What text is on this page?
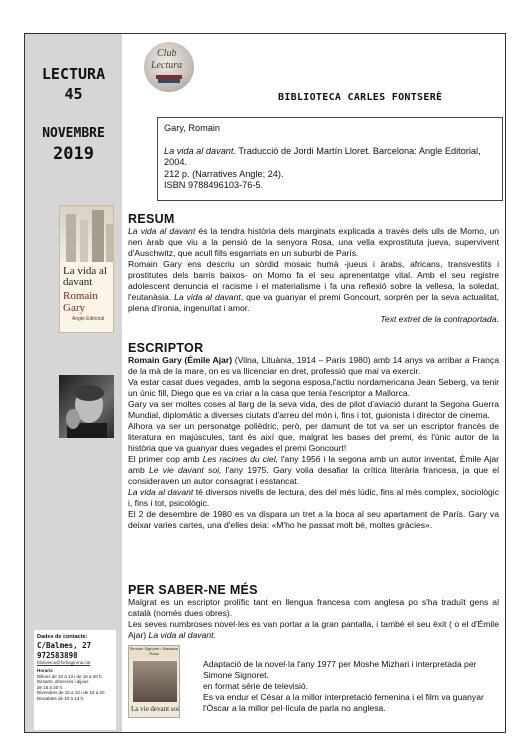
LECTURA
45
NOVEMBRE
2019
La vida al
davant
Romain Gary
Angle Editorial
Dades de contacte:
C/Balmes, 27
972583898
biblioteca@fortiagirona.cat
Horaris
Dilluns de 10 a 13 i de 16 a 20 h.
Dimarts, dimecres i dijous
de 16 a 20 h.
Divendres de 10 a 13 i de 16 a 20
Dissabtes de 10 a 13 h.
Club
Lectura
BIBLIOTECA CARLES FONTSERÈ
Gary, Romain
La vida al davant. Traducció de Jordi Martín Lloret. Barcelona: Angle Editorial, 2004.
212 p. (Narratives Angle; 24).
ISBN 9788496103-76-5.
RESUM

La vida al davant és la tendra història dels marginats explicada a través dels ulls de Momo, un nen àrab que viu a la pensió de la senyora Rosa, una vella exprostituta jueva, supervivent d'Auschwitz, que acull fills esgarriats en un suburbi de París.

Romain Gary ens descriu un sòrdid mosaic humà -jueus i àrabs, africans, transvestits i prostitutes dels barris baixos- on Momo fa el seu aprenentatge vital. Amb el seu registre adolescent denuncia el racisme i el materialisme i fa una reflexió sobre la vellesa, la soledat, l'eutanàsia. La vida al davant, que va guanyar el premi Goncourt, sorprèn per la seva actualitat, plena d'ironia, ingenuïtat i amor.

Text extret de la contraportada.

ESCRIPTOR

Romain Gary (Émile Ajar) (Vilna, Lituània, 1914 – París 1980) amb 14 anys va arribar a França de la mà de la mare, on es va llicenciar en dret, professió que mai va exercir.

Va estar casat dues vegades, amb la segona esposa,l'actiu nordamericana Jean Seberg, va tenir un únic fill, Diego que es va criar a la casa que tenia l'escriptor a Mallorca.

Gary va ser moltes coses al llarg de la seva vida, des de pilot d'aviació durant la Segona Guerra Mundial, diplomàtic a diverses ciutats d'arreu del món i, fins i tot, guionista i director de cinema.

Alhora va ser un personatge polièdric, però, per damunt de tot va ser un escriptor francès de literatura en majúscules, tant és així que, malgrat les bases del premi, és l'únic autor de la història que va guanyar dues vegades el premi Goncourt!

El primer cop amb Les racines du ciel, l'any 1956 i la segona amb un autor inventat, Émile Ajar amb Le vie davant soi, l'any 1975. Gary volia desafiar la crítica literària francesa, ja que el consideraven un autor consagrat i esstancat.

La vida al davant té diversos nivells de lectura, des del més lúdic, fins al més complex, sociològic i, fins i tot, psicològic.

El 2 de desembre de 1980 es va dispara un tret a la boca al seu apartament de París. Gary va deixar varies cartes, una d'elles deia: «M'ho he passat molt bé, moltes gràcies».

PER SABER-NE MÉS

Malgrat es un escriptor prolífic tant en llengua francesa com anglesa po s'ha traduït gens al català (només dues obres).

Les seves numbroses novel·les es van portar a la gran pantalla, i també el seu èxit ( o el d'Émile Ajar) La vida al davant.

Simone Signoret / Madame Rosa
La vie devant soi

Adaptació de la novel·la l'any 1977 per Moshe Mizhari i interpretada per Simone Signoret.

en format sèrie de televisió.

Es va endur el César a la millor interpretació femenina i el film va guanyar l'Òscar a la millor pel·lícula de parla no anglesa.
